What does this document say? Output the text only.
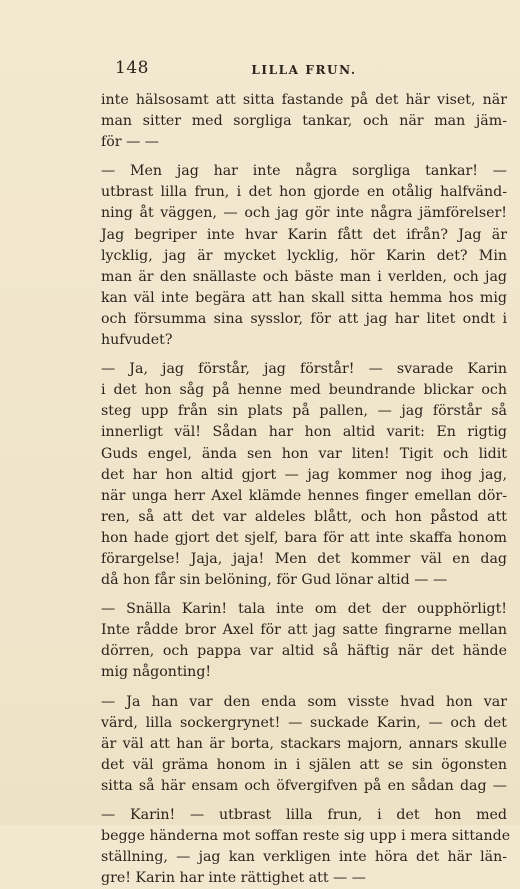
148	LILLA FRUN.
inte hälsosamt att sitta fastande på det här viset, när
man sitter med sorgliga tankar, och när man jäm-
för — —
— Men jag har inte några sorgliga tankar! —
utbrast lilla frun, i det hon gjorde en otålig halfvänd-
ning åt väggen, — och jag gör inte några jämförelser!
Jag begriper inte hvar Karin fått det ifrån? Jag är
lycklig, jag är mycket lycklig, hör Karin det? Min
man är den snällaste och bäste man i verlden, och jag
kan väl inte begära att han skall sitta hemma hos mig
och försumma sina sysslor, för att jag har litet ondt i
hufvudet?
— Ja, jag förstår, jag förstår! — svarade Karin
i det hon såg på henne med beundrande blickar och
steg upp från sin plats på pallen, — jag förstår så
innerligt väl! Sådan har hon altid varit: En rigtig
Guds engel, ända sen hon var liten! Tigit och lidit
det har hon altid gjort — jag kommer nog ihog jag,
när unga herr Axel klämde hennes finger emellan dör-
ren, så att det var aldeles blått, och hon påstod att
hon hade gjort det sjelf, bara för att inte skaffa honom
förargelse! Jaja, jaja! Men det kommer väl en dag
då hon får sin belöning, för Gud lönar altid — —
— Snälla Karin! tala inte om det der oupphörligt!
Inte rådde bror Axel för att jag satte fingrarne mellan
dörren, och pappa var altid så häftig när det hände
mig någonting!
— Ja han var den enda som visste hvad hon var
värd, lilla sockergrynet! — suckade Karin, — och det
är väl att han är borta, stackars majorn, annars skulle
det väl gräma honom in i själen att se sin ögonsten
sitta så här ensam och öfvergifven på en sådan dag —
— Karin! — utbrast lilla frun, i det hon med
begge händerna mot soffan reste sig upp i mera sittande
ställning, — jag kan verkligen inte höra det här län-
gre! Karin har inte rättighet att — —
